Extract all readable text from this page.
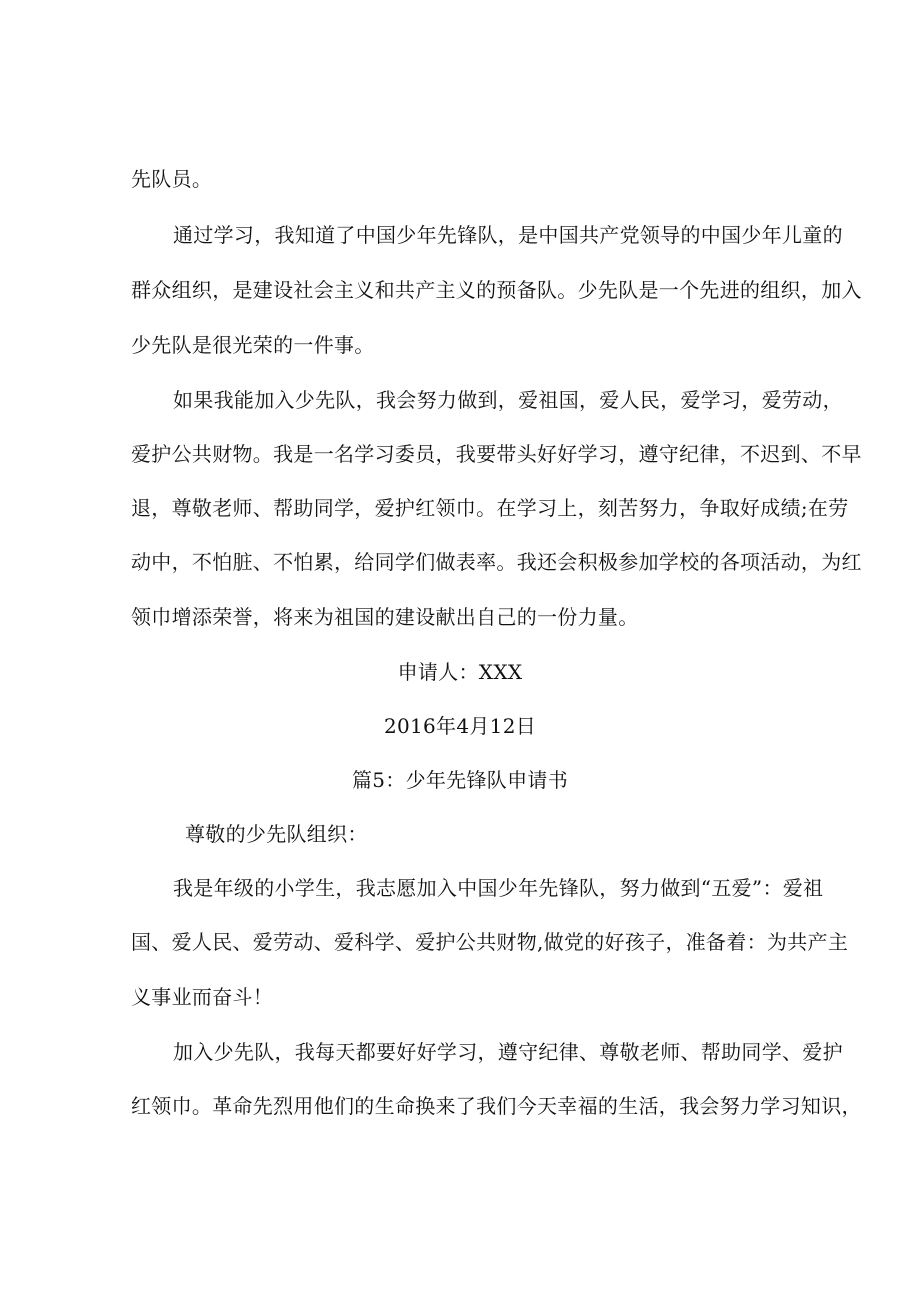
先队员。
通过学习，我知道了中国少年先锋队，是中国共产党领导的中国少年儿童的
群众组织，是建设社会主义和共产主义的预备队。少先队是一个先进的组织，加入
少先队是很光荣的一件事。
如果我能加入少先队，我会努力做到，爱祖国，爱人民，爱学习，爱劳动，
爱护公共财物。我是一名学习委员，我要带头好好学习，遵守纪律，不迟到、不早
退，尊敬老师、帮助同学，爱护红领巾。在学习上，刻苦努力，争取好成绩;在劳
动中，不怕脏、不怕累，给同学们做表率。我还会积极参加学校的各项活动，为红
领巾增添荣誉，将来为祖国的建设献出自己的一份力量。
申请人：XXX
2016年4月12日
篇5：少年先锋队申请书
尊敬的少先队组织：
我是年级的小学生，我志愿加入中国少年先锋队，努力做到“五爱”：爱祖
国、爱人民、爱劳动、爱科学、爱护公共财物,做党的好孩子，准备着：为共产主
义事业而奋斗！
加入少先队，我每天都要好好学习，遵守纪律、尊敬老师、帮助同学、爱护
红领巾。革命先烈用他们的生命换来了我们今天幸福的生活，我会努力学习知识，
